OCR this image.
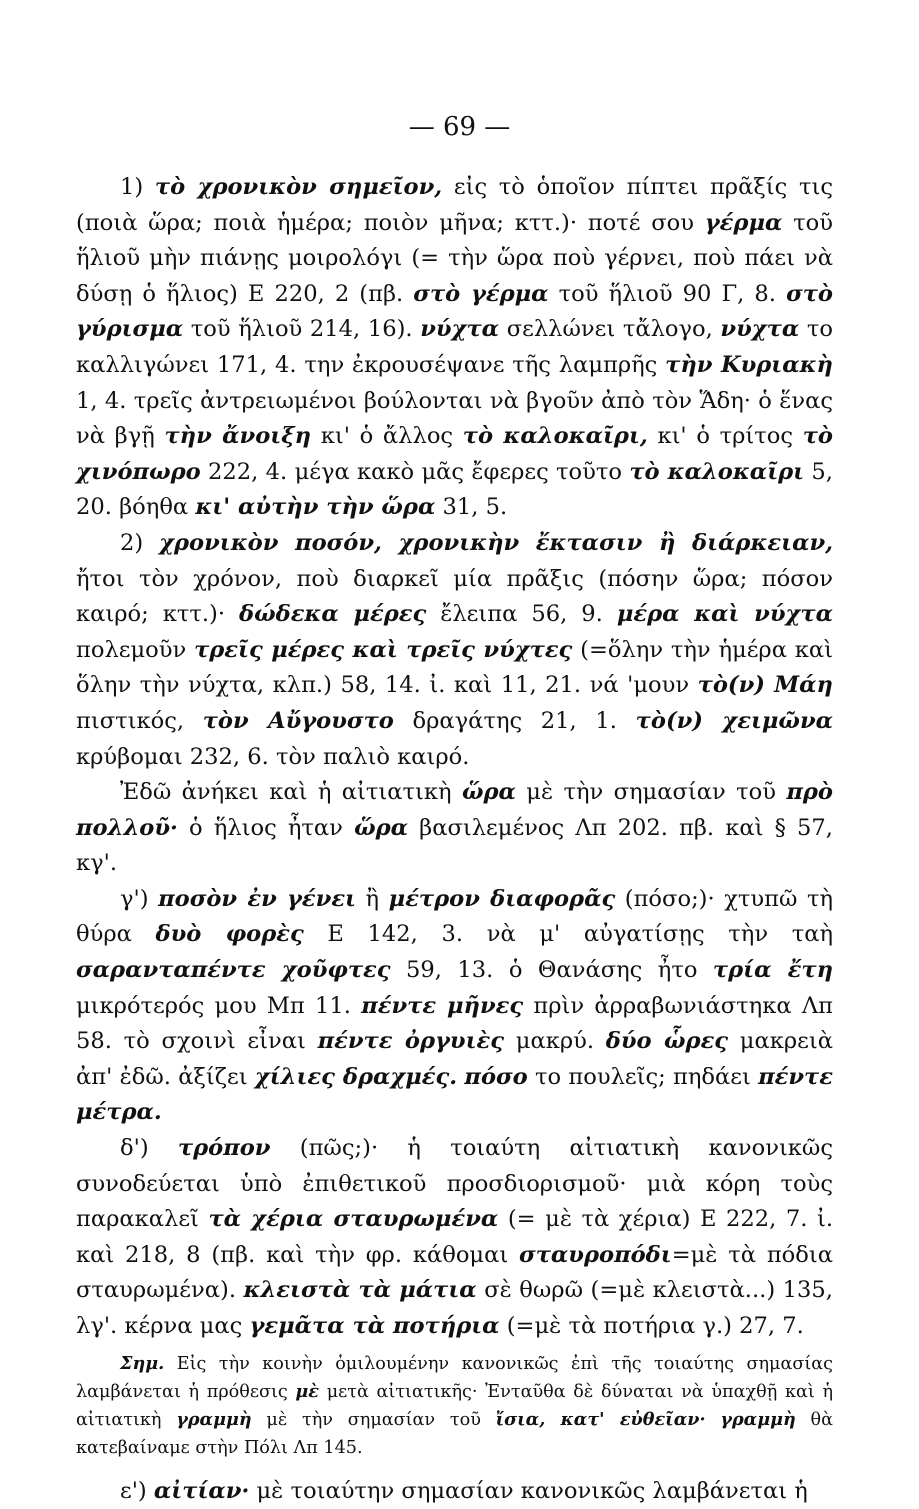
— 69 —

1) τὸ χρονικὸν σημεῖον, εἰς τὸ ὁποῖον πίπτει πρᾶξίς τις (ποιὰ ὥρα; ποιὰ ἡμέρα; ποιὸν μῆνα; κττ.)· ποτέ σου γέρμα τοῦ ἥλιοῦ μὴν πιάνῃς μοιρολόγι (= τὴν ὥρα ποὺ γέρνει, ποὺ πάει νὰ δύσῃ ὁ ἥλιος) Ε 220, 2 (πβ. στὸ γέρμα τοῦ ἥλιοῦ 90 Γ, 8. στὸ γύρισμα τοῦ ἥλιοῦ 214, 16). νύχτα σελλώνει τἄλογο, νύχτα το καλλιγώνει 171, 4. την ἐκρουσέψανε τῆς λαμπρῆς τὴν Κυριακὴ 1, 4. τρεῖς ἀντρειωμένοι βούλονται νὰ βγοῦν ἀπὸ τὸν Ἅδη· ὁ ἕνας νὰ βγῇ τὴν ἄνοιξη κι' ὁ ἄλλος τὸ καλοκαῖρι, κι' ὁ τρίτος τὸ χινόπωρο 222, 4. μέγα κακὸ μᾶς ἔφερες τοῦτο τὸ καλοκαῖρι 5, 20. βόηθα κι' αὐτὴν τὴν ὥρα 31, 5.

2) χρονικὸν ποσόν, χρονικὴν ἔκτασιν ἢ διάρκειαν, ἤτοι τὸν χρόνον, ποὺ διαρκεῖ μία πρᾶξις (πόσην ὥρα; πόσον καιρό; κττ.)· δώδεκα μέρες ἔλειπα 56, 9. μέρα καὶ νύχτα πολεμοῦν τρεῖς μέρες καὶ τρεῖς νύχτες (=ὅλην τὴν ἡμέρα καὶ ὅλην τὴν νύχτα, κλπ.) 58, 14. ἰ. καὶ 11, 21. νά 'μουν τὸ(ν) Μάη πιστικός, τὸν Αὔγουστο δραγάτης 21, 1. τὸ(ν) χειμῶνα κρύβομαι 232, 6. τὸν παλιὸ καιρό.

Ἐδῶ ἀνήκει καὶ ἡ αἰτιατικὴ ὥρα μὲ τὴν σημασίαν τοῦ πρὸ πολλοῦ· ὁ ἥλιος ἦταν ὥρα βασιλεμένος Λπ 202. πβ. καὶ § 57, κγ'.

γ') ποσὸν ἐν γένει ἢ μέτρον διαφορᾶς (πόσο;)· χτυπῶ τὴ θύρα δυὸ φορὲς Ε 142, 3. νὰ μ' αὐγατίσῃς τὴν ταὴ σαρανταπέντε χοῦφτες 59, 13. ὁ Θανάσης ἦτο τρία ἔτη μικρότερός μου Μπ 11. πέντε μῆνες πρὶν ἀρραβωνιάστηκα Λπ 58. τὸ σχοινὶ εἶναι πέντε ὀργυιὲς μακρύ. δύο ὧρες μακρειὰ ἀπ' ἐδῶ. ἀξίζει χίλιες δραχμές. πόσο το πουλεῖς; πηδάει πέντε μέτρα.

δ') τρόπον (πῶς;)· ἡ τοιαύτη αἰτιατικὴ κανονικῶς συνοδεύεται ὑπὸ ἐπιθετικοῦ προσδιορισμοῦ· μιὰ κόρη τοὺς παρακαλεῖ τὰ χέρια σταυρωμένα (= μὲ τὰ χέρια) Ε 222, 7. ἰ. καὶ 218, 8 (πβ. καὶ τὴν φρ. κάθομαι σταυροπόδι=μὲ τὰ πόδια σταυρωμένα). κλειστὰ τὰ μάτια σὲ θωρῶ (=μὲ κλειστὰ...) 135, λγ'. κέρνα μας γεμᾶτα τὰ ποτήρια (=μὲ τὰ ποτήρια γ.) 27, 7.

Σημ. Εἰς τὴν κοινὴν ὁμιλουμένην κανονικῶς ἐπὶ τῆς τοιαύτης σημασίας λαμβάνεται ἡ πρόθεσις μὲ μετὰ αἰτιατικῆς· Ἐνταῦθα δὲ δύναται νὰ ὑπαχθῇ καὶ ἡ αἰτιατικὴ γραμμὴ μὲ τὴν σημασίαν τοῦ ἴσια, κατ' εὐθεῖαν· γραμμὴ θὰ κατεβαίναμε στὴν Πόλι Λπ 145.

ε') αἰτίαν· μὲ τοιαύτην σημασίαν κανονικῶς λαμβάνεται ἡ
